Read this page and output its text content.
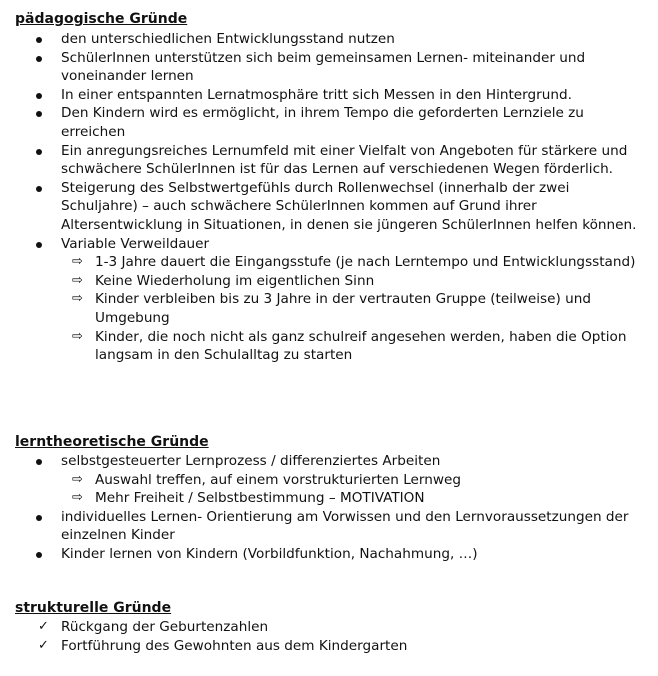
pädagogische Gründe
den unterschiedlichen Entwicklungsstand nutzen
SchülerInnen unterstützen sich beim gemeinsamen Lernen- miteinander und voneinander lernen
In einer entspannten Lernatmosphäre tritt sich Messen in den Hintergrund.
Den Kindern wird es ermöglicht, in ihrem Tempo die geforderten Lernziele zu erreichen
Ein anregungsreiches Lernumfeld mit einer Vielfalt von Angeboten für stärkere und schwächere SchülerInnen ist für das Lernen auf verschiedenen Wegen förderlich.
Steigerung des Selbstwertgefühls durch Rollenwechsel (innerhalb der zwei Schuljahre) – auch schwächere SchülerInnen kommen auf Grund ihrer Altersentwicklung in Situationen, in denen sie jüngeren SchülerInnen helfen können.
Variable Verweildauer
⇨ 1-3 Jahre dauert die Eingangsstufe (je nach Lerntempo und Entwicklungsstand)
⇨ Keine Wiederholung im eigentlichen Sinn
⇨ Kinder verbleiben bis zu 3 Jahre in der vertrauten Gruppe (teilweise) und Umgebung
⇨ Kinder, die noch nicht als ganz schulreif angesehen werden, haben die Option langsam in den Schulalltag zu starten
lerntheoretische Gründe
selbstgesteuerter Lernprozess / differenziertes Arbeiten
⇨ Auswahl treffen, auf einem vorstrukturierten Lernweg
⇨ Mehr Freiheit / Selbstbestimmung – MOTIVATION
individuelles Lernen- Orientierung am Vorwissen und den Lernvoraussetzungen der einzelnen Kinder
Kinder lernen von Kindern (Vorbildfunktion, Nachahmung, …)
strukturelle Gründe
✓ Rückgang der Geburtenzahlen
✓ Fortführung des Gewohnten aus dem Kindergarten
